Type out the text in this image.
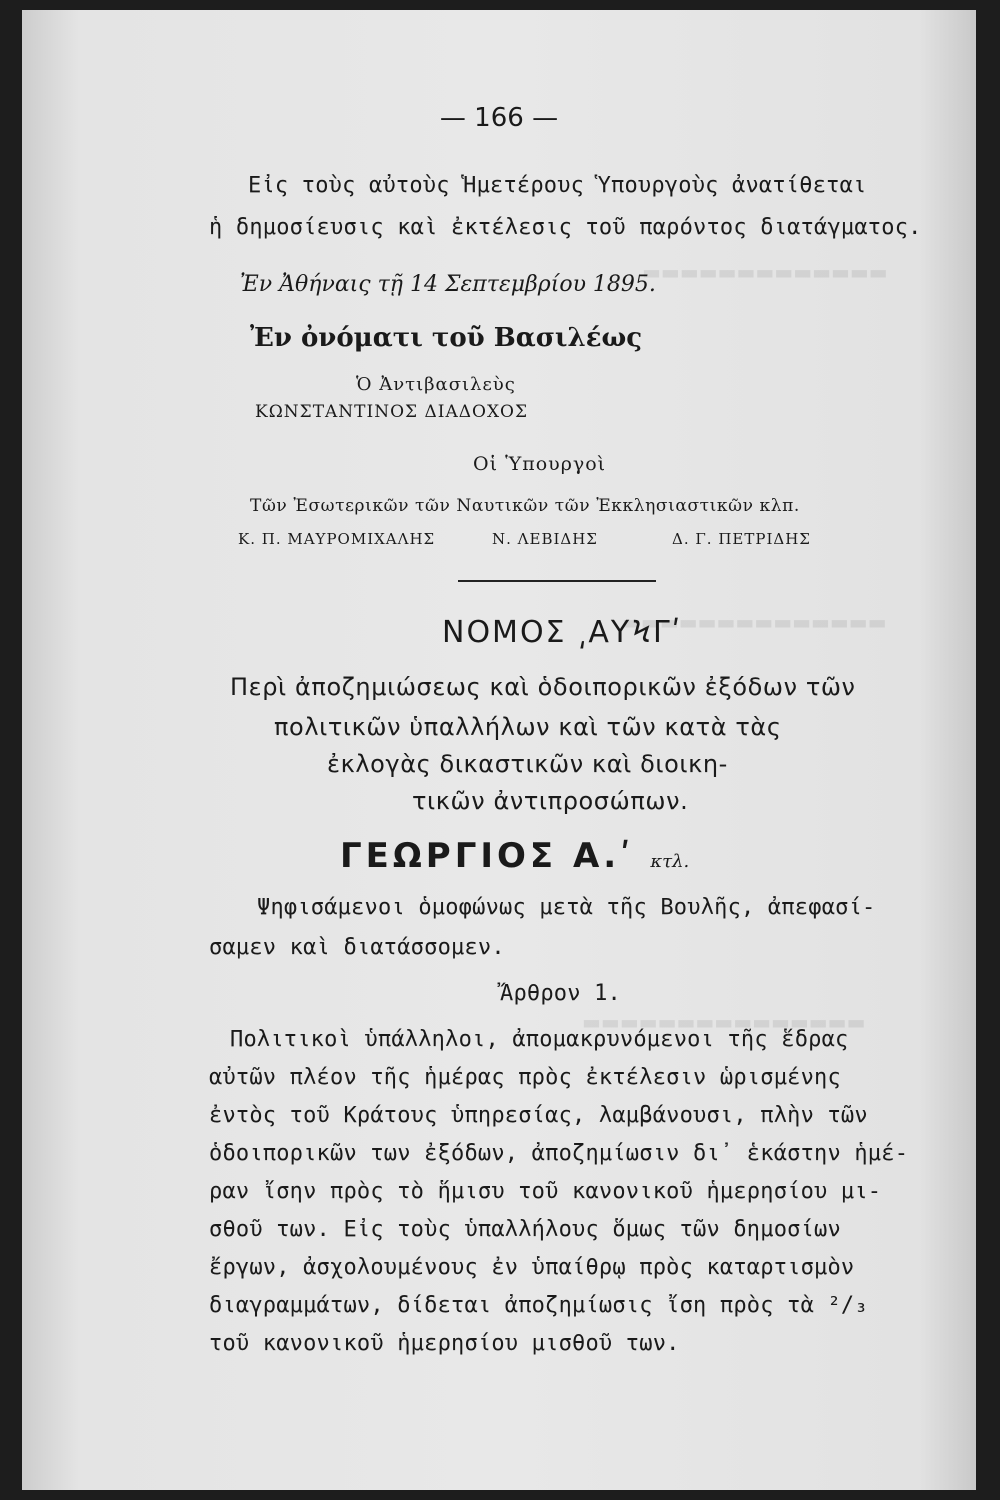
▬▬▬▬▬▬▬▬▬▬▬▬▬
▬▬▬▬▬▬▬▬▬▬▬▬▬▬
▬▬▬▬▬▬▬▬▬▬▬▬▬▬▬
— 166 —
Εἰς τοὺς αὐτοὺς Ἡμετέρους Ὑπουργοὺς ἀνατίθεται
ἡ δημοσίευσις καὶ ἐκτέλεσις τοῦ παρόντος διατάγματος.
Ἐν Ἀθήναις τῇ 14 Σεπτεμβρίου 1895.
Ἐν ὀνόματι τοῦ Βασιλέως
Ὁ Ἀντιβασιλεὺς
ΚΩΝΣΤΑΝΤΙΝΟΣ ΔΙΑΔΟΧΟΣ
Οἱ Ὑπουργοὶ
Τῶν Ἐσωτερικῶν τῶν Ναυτικῶν τῶν Ἐκκλησιαστικῶν κλπ.
Κ. Π. ΜΑΥΡΟΜΙΧΑΛΗΣ	Ν. ΛΕΒΙΔΗΣ	Δ. Γ. ΠΕΤΡΙΔΗΣ
ΝΟΜΟΣ ͵ΑΥϞΓʹ
Περὶ ἀποζημιώσεως καὶ ὁδοιπορικῶν ἐξόδων τῶν
πολιτικῶν ὑπαλλήλων καὶ τῶν κατὰ τὰς
ἐκλογὰς δικαστικῶν καὶ διοικη-
τικῶν ἀντιπροσώπων.
ΓΕΩΡΓΙΟΣ Α.ʹ κτλ.
Ψηφισάμενοι ὁμοφώνως μετὰ τῆς Βουλῆς, ἀπεφασί-
σαμεν καὶ διατάσσομεν.
Ἄρθρον 1.
Πολιτικοὶ ὑπάλληλοι, ἀπομακρυνόμενοι τῆς ἕδρας
αὐτῶν πλέον τῆς ἡμέρας πρὸς ἐκτέλεσιν ὡρισμένης
ἐντὸς τοῦ Κράτους ὑπηρεσίας, λαμβάνουσι, πλὴν τῶν
ὁδοιπορικῶν των ἐξόδων, ἀποζημίωσιν δι᾿ ἑκάστην ἡμέ-
ραν ἴσην πρὸς τὸ ἥμισυ τοῦ κανονικοῦ ἡμερησίου μι-
σθοῦ των. Εἰς τοὺς ὑπαλλήλους ὅμως τῶν δημοσίων
ἔργων, ἀσχολουμένους ἐν ὑπαίθρῳ πρὸς καταρτισμὸν
διαγραμμάτων, δίδεται ἀποζημίωσις ἴση πρὸς τὰ ²/₃
τοῦ κανονικοῦ ἡμερησίου μισθοῦ των.
